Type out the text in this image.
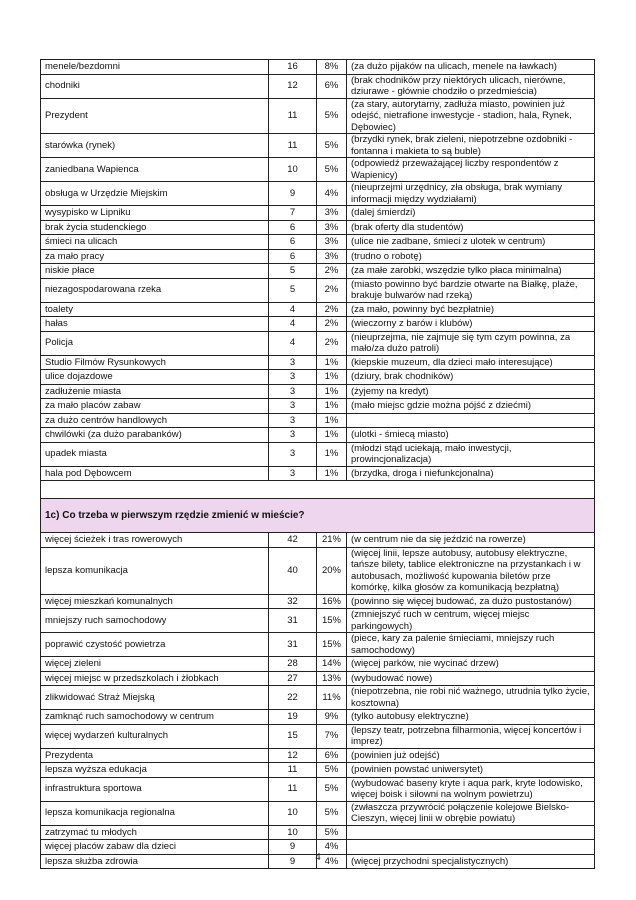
menele/bezdomni	16	8%	(za dużo pijaków na ulicach, menele na ławkach)
chodniki	12	6%	(brak chodników przy niektórych ulicach, nierówne, dziurawe - głównie chodziło o przedmieścia)
Prezydent	11	5%	(za stary, autorytarny, zadłuża miasto, powinien już odejść, nietrafione inwestycje - stadion, hala, Rynek, Dębowiec)
starówka (rynek)	11	5%	(brzydki rynek, brak zieleni, niepotrzebne ozdobniki - fontanna i makieta to są buble)
zaniedbana Wapienca	10	5%	(odpowiedź przeważającej liczby respondentów z Wapienicy)
obsługa w Urzędzie Miejskim	9	4%	(nieuprzejmi urzędnicy, zła obsługa, brak wymiany informacji między wydziałami)
wysypisko w Lipniku	7	3%	(dalej śmierdzi)
brak życia studenckiego	6	3%	(brak oferty dla studentów)
śmieci na ulicach	6	3%	(ulice nie zadbane, śmieci z ulotek w centrum)
za mało pracy	6	3%	(trudno o robotę)
niskie płace	5	2%	(za małe zarobki, wszędzie tylko płaca minimalna)
niezagospodarowana rzeka	5	2%	(miasto powinno być bardzie otwarte na Białkę, plaże, brakuje bulwarów nad rzeką)
toalety	4	2%	(za mało, powinny być bezpłatnie)
hałas	4	2%	(wieczorny z barów i klubów)
Policja	4	2%	(nieuprzejma, nie zajmuje się tym czym powinna, za mało/za dużo patroli)
Studio Filmów Rysunkowych	3	1%	(kiepskie muzeum, dla dzieci mało interesujące)
ulice dojazdowe	3	1%	(dziury, brak chodników)
zadłużenie miasta	3	1%	(żyjemy na kredyt)
za mało placów zabaw	3	1%	(mało miejsc gdzie można pójść z dziećmi)
za dużo centrów handlowych	3	1%	
chwilówki (za dużo parabanków)	3	1%	(ulotki - śmiecą miasto)
upadek miasta	3	1%	(młodzi stąd uciekają, mało inwestycji, prowincjonalizacja)
hala pod Dębowcem	3	1%	(brzydka, droga i niefunkcjonalna)

1c) Co trzeba w pierwszym rzędzie zmienić w mieście?			
więcej ścieżek i tras rowerowych	42	21%	(w centrum nie da się jeździć na rowerze)
lepsza komunikacja	40	20%	(więcej linii, lepsze autobusy, autobusy elektryczne, tańsze bilety, tablice elektroniczne na przystankach i w autobusach, możliwość kupowania biletów prze komórkę, kilka głosów za komunikacją bezpłatną)
więcej mieszkań komunalnych	32	16%	(powinno się więcej budować, za dużo pustostanów)
mniejszy ruch samochodowy	31	15%	(zmniejszyć ruch w centrum, więcej miejsc parkingowych)
poprawić czystość powietrza	31	15%	(piece, kary za palenie śmieciami, mniejszy ruch samochodowy)
więcej zieleni	28	14%	(więcej parków, nie wycinać drzew)
więcej miejsc w przedszkolach i żłobkach	27	13%	(wybudować nowe)
zlikwidować Straż Miejską	22	11%	(niepotrzebna, nie robi nić ważnego, utrudnia tylko życie, kosztowna)
zamknąć ruch samochodowy w centrum	19	9%	(tylko autobusy elektryczne)
więcej wydarzeń kulturalnych	15	7%	(lepszy teatr, potrzebna filharmonia, więcej koncertów i imprez)
Prezydenta	12	6%	(powinien już odejść)
lepsza wyższa edukacja	11	5%	(powinien powstać uniwersytet)
infrastruktura sportowa	11	5%	(wybudować baseny kryte i aqua park, kryte lodowisko, więcej boisk i siłowni na wolnym powietrzu)
lepsza komunikacja regionalna	10	5%	(zwłaszcza przywrócić połączenie kolejowe Bielsko-Cieszyn, więcej linii w obrębie powiatu)
zatrzymać tu młodych	10	5%	
więcej placów zabaw dla dzieci	9	4%	
lepsza służba zdrowia	9	4%	(więcej przychodni specjalistycznych)
4
